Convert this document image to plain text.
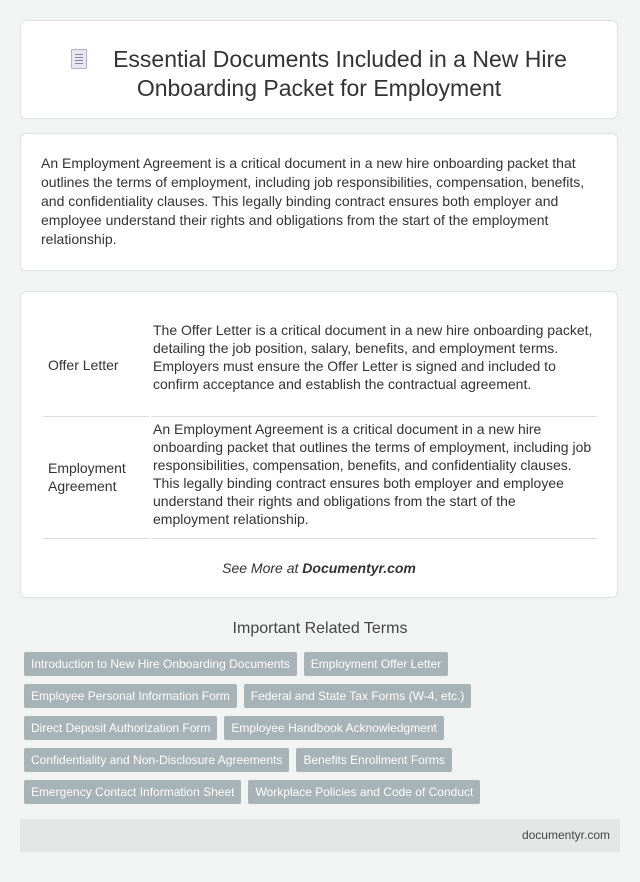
Essential Documents Included in a New Hire Onboarding Packet for Employment
An Employment Agreement is a critical document in a new hire onboarding packet that outlines the terms of employment, including job responsibilities, compensation, benefits, and confidentiality clauses. This legally binding contract ensures both employer and employee understand their rights and obligations from the start of the employment relationship.
Offer Letter
The Offer Letter is a critical document in a new hire onboarding packet, detailing the job position, salary, benefits, and employment terms. Employers must ensure the Offer Letter is signed and included to confirm acceptance and establish the contractual agreement.
Employment Agreement
An Employment Agreement is a critical document in a new hire onboarding packet that outlines the terms of employment, including job responsibilities, compensation, benefits, and confidentiality clauses. This legally binding contract ensures both employer and employee understand their rights and obligations from the start of the employment relationship.
See More at Documentyr.com
Important Related Terms
Introduction to New Hire Onboarding Documents Employment Offer Letter
Employee Personal Information Form Federal and State Tax Forms (W-4, etc.)
Direct Deposit Authorization Form Employee Handbook Acknowledgment
Confidentiality and Non-Disclosure Agreements Benefits Enrollment Forms
Emergency Contact Information Sheet Workplace Policies and Code of Conduct
documentyr.com
